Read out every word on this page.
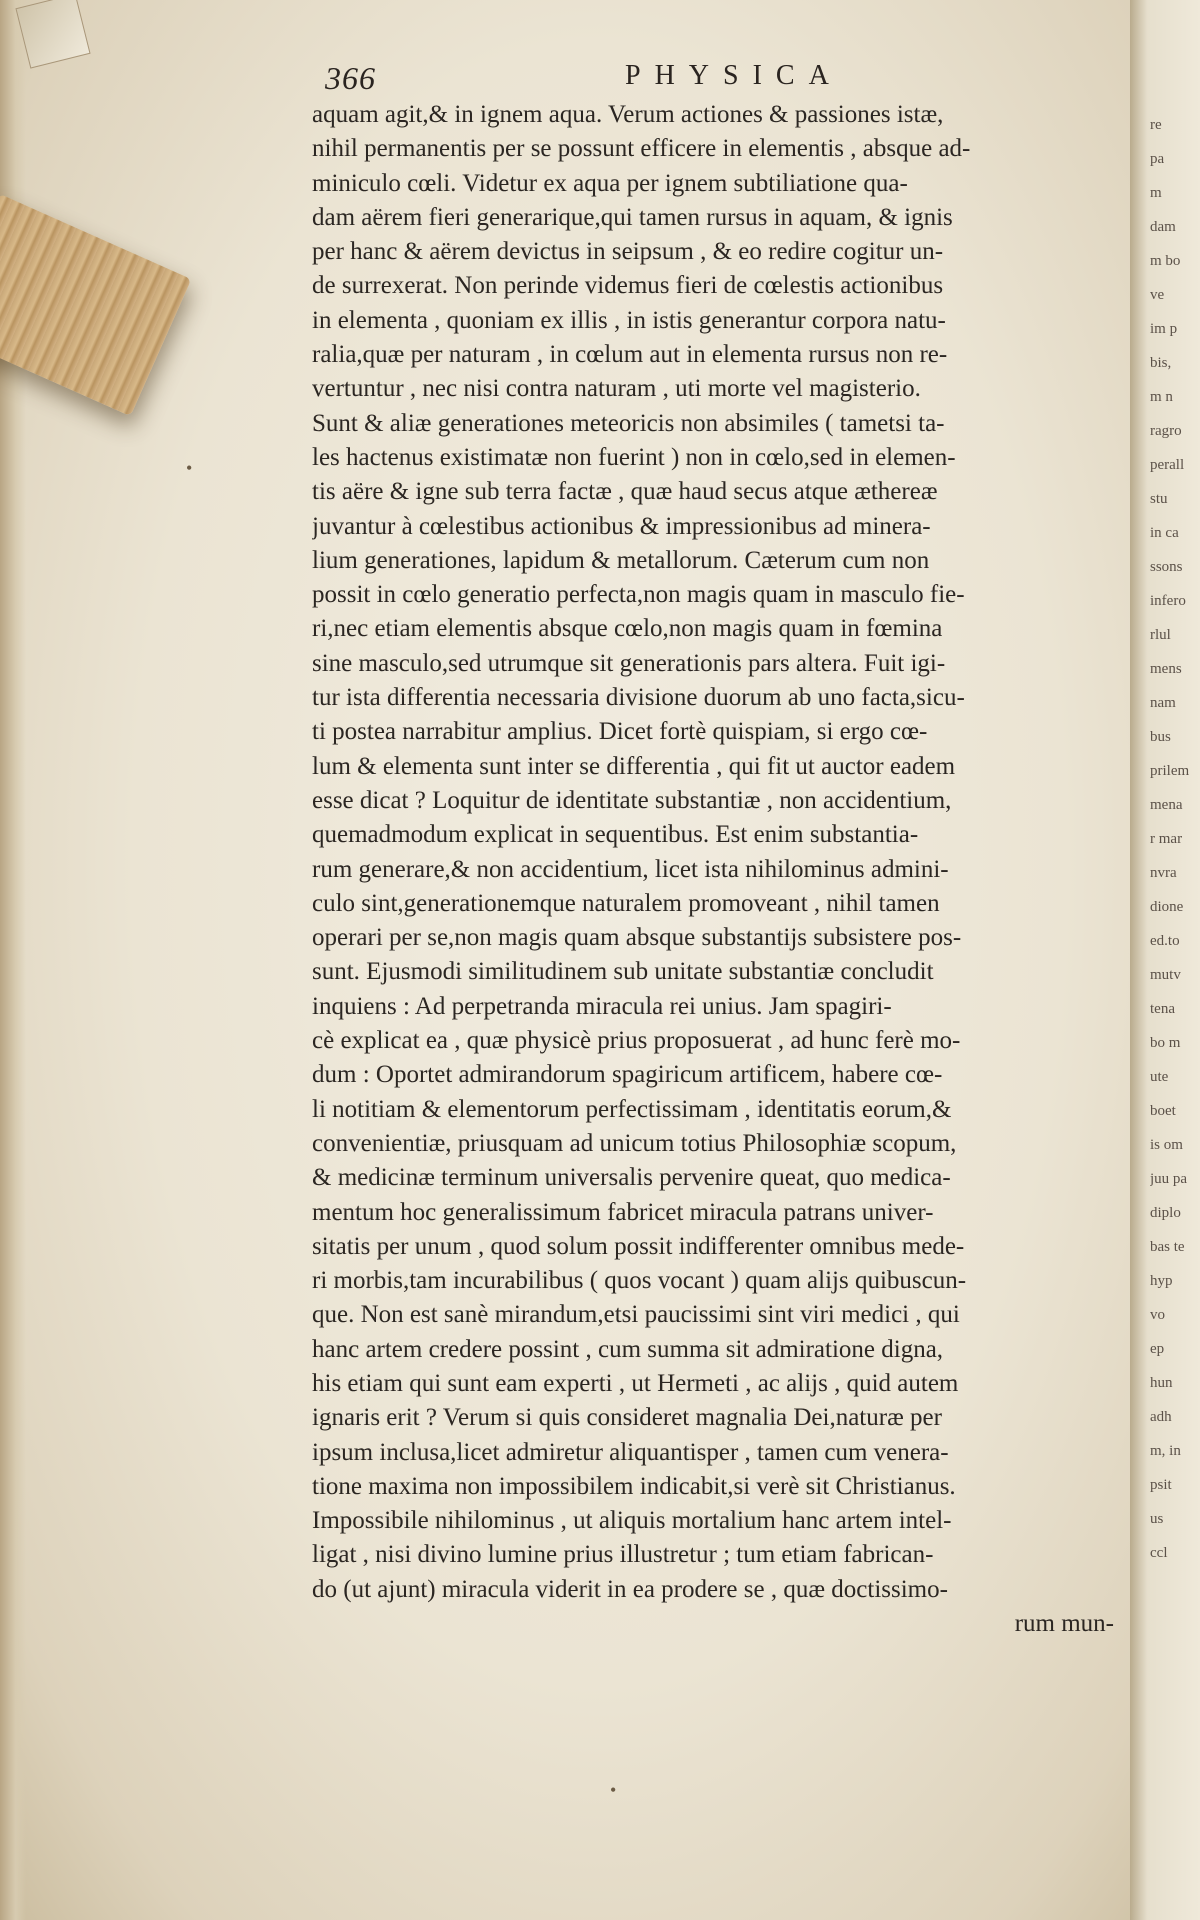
366	PHYSICA
aquam agit,& in ignem aqua. Verum actiones & passiones istæ,
nihil permanentis per se possunt efficere in elementis , absque ad-
miniculo cœli. Videtur ex aqua per ignem subtiliatione qua-
dam aërem fieri generarique,qui tamen rursus in aquam, & ignis
per hanc & aërem devictus in seipsum , & eo redire cogitur un-
de surrexerat. Non perinde videmus fieri de cœlestis actionibus
in elementa , quoniam ex illis , in istis generantur corpora natu-
ralia,quæ per naturam , in cœlum aut in elementa rursus non re-
vertuntur , nec nisi contra naturam , uti morte vel magisterio.
Sunt & aliæ generationes meteoricis non absimiles ( tametsi ta-
les hactenus existimatæ non fuerint ) non in cœlo,sed in elemen-
tis aëre & igne sub terra factæ , quæ haud secus atque æthereæ
juvantur à cœlestibus actionibus & impressionibus ad minera-
lium generationes, lapidum & metallorum. Cæterum cum non
possit in cœlo generatio perfecta,non magis quam in masculo fie-
ri,nec etiam elementis absque cœlo,non magis quam in fœmina
sine masculo,sed utrumque sit generationis pars altera. Fuit igi-
tur ista differentia necessaria divisione duorum ab uno facta,sicu-
ti postea narrabitur amplius. Dicet fortè quispiam, si ergo cœ-
lum & elementa sunt inter se differentia , qui fit ut auctor eadem
esse dicat ? Loquitur de identitate substantiæ , non accidentium,
quemadmodum explicat in sequentibus. Est enim substantia-
rum generare,& non accidentium, licet ista nihilominus admini-
culo sint,generationemque naturalem promoveant , nihil tamen
operari per se,non magis quam absque substantijs subsistere pos-
sunt. Ejusmodi similitudinem sub unitate substantiæ concludit
inquiens : Ad perpetranda miracula rei unius. Jam spagiri-
cè explicat ea , quæ physicè prius proposuerat , ad hunc ferè mo-
dum : Oportet admirandorum spagiricum artificem, habere cœ-
li notitiam & elementorum perfectissimam , identitatis eorum,&
convenientiæ, priusquam ad unicum totius Philosophiæ scopum,
& medicinæ terminum universalis pervenire queat, quo medica-
mentum hoc generalissimum fabricet miracula patrans univer-
sitatis per unum , quod solum possit indifferenter omnibus mede-
ri morbis,tam incurabilibus ( quos vocant ) quam alijs quibuscun-
que. Non est sanè mirandum,etsi paucissimi sint viri medici , qui
hanc artem credere possint , cum summa sit admiratione digna,
his etiam qui sunt eam experti , ut Hermeti , ac alijs , quid autem
ignaris erit ? Verum si quis consideret magnalia Dei,naturæ per
ipsum inclusa,licet admiretur aliquantisper , tamen cum venera-
tione maxima non impossibilem indicabit,si verè sit Christianus.
Impossibile nihilominus , ut aliquis mortalium hanc artem intel-
ligat , nisi divino lumine prius illustretur ; tum etiam fabrican-
do (ut ajunt) miracula viderit in ea prodere se , quæ doctissimo-
rum mun-
re
pa
m
dam
m bo
ve
im p
bis,
m n
ragro
perall
stu
in ca
ssons
infero
rlul
mens
nam
bus
prilem
mena
r mar
nvra
dione
ed.to
mutv
tena
bo m
ute
boet
is om
juu pa
diplo
bas te
hyp
vo
ep
hun
adh
m, in
psit
us
ccl
•
•
